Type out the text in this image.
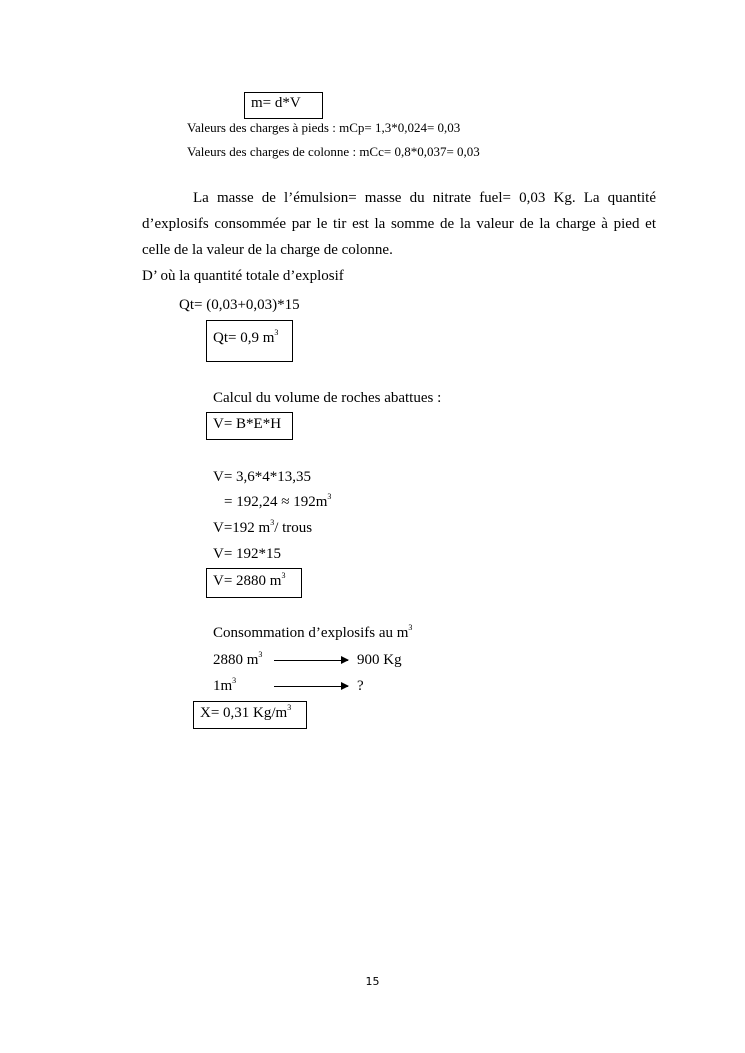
m= d*V
Valeurs des charges à pieds : mCp= 1,3*0,024= 0,03
Valeurs des charges de colonne : mCc= 0,8*0,037= 0,03

La masse de l’émulsion= masse du nitrate fuel= 0,03 Kg. La quantité

d’explosifs consommée par le tir est la somme de la valeur de la charge à pied et

celle de la valeur de la charge de colonne.

D’ où la quantité totale d’explosif

Qt= (0,03+0,03)*15
Qt= 0,9 $m^3$
Calcul du volume de roches abattues :
V= B*E*H
V= 3,6*4*13,35
= $192,24 \approx 192m^3$
V=192 $m^3/$ trous
V= 192*15
V= 2880 $m^3$
Consommation d’explosifs au $m^3$
2880 $m^3$	900 Kg
$1m^3$	?
X= 0,31 $Kg/m^3$
15
